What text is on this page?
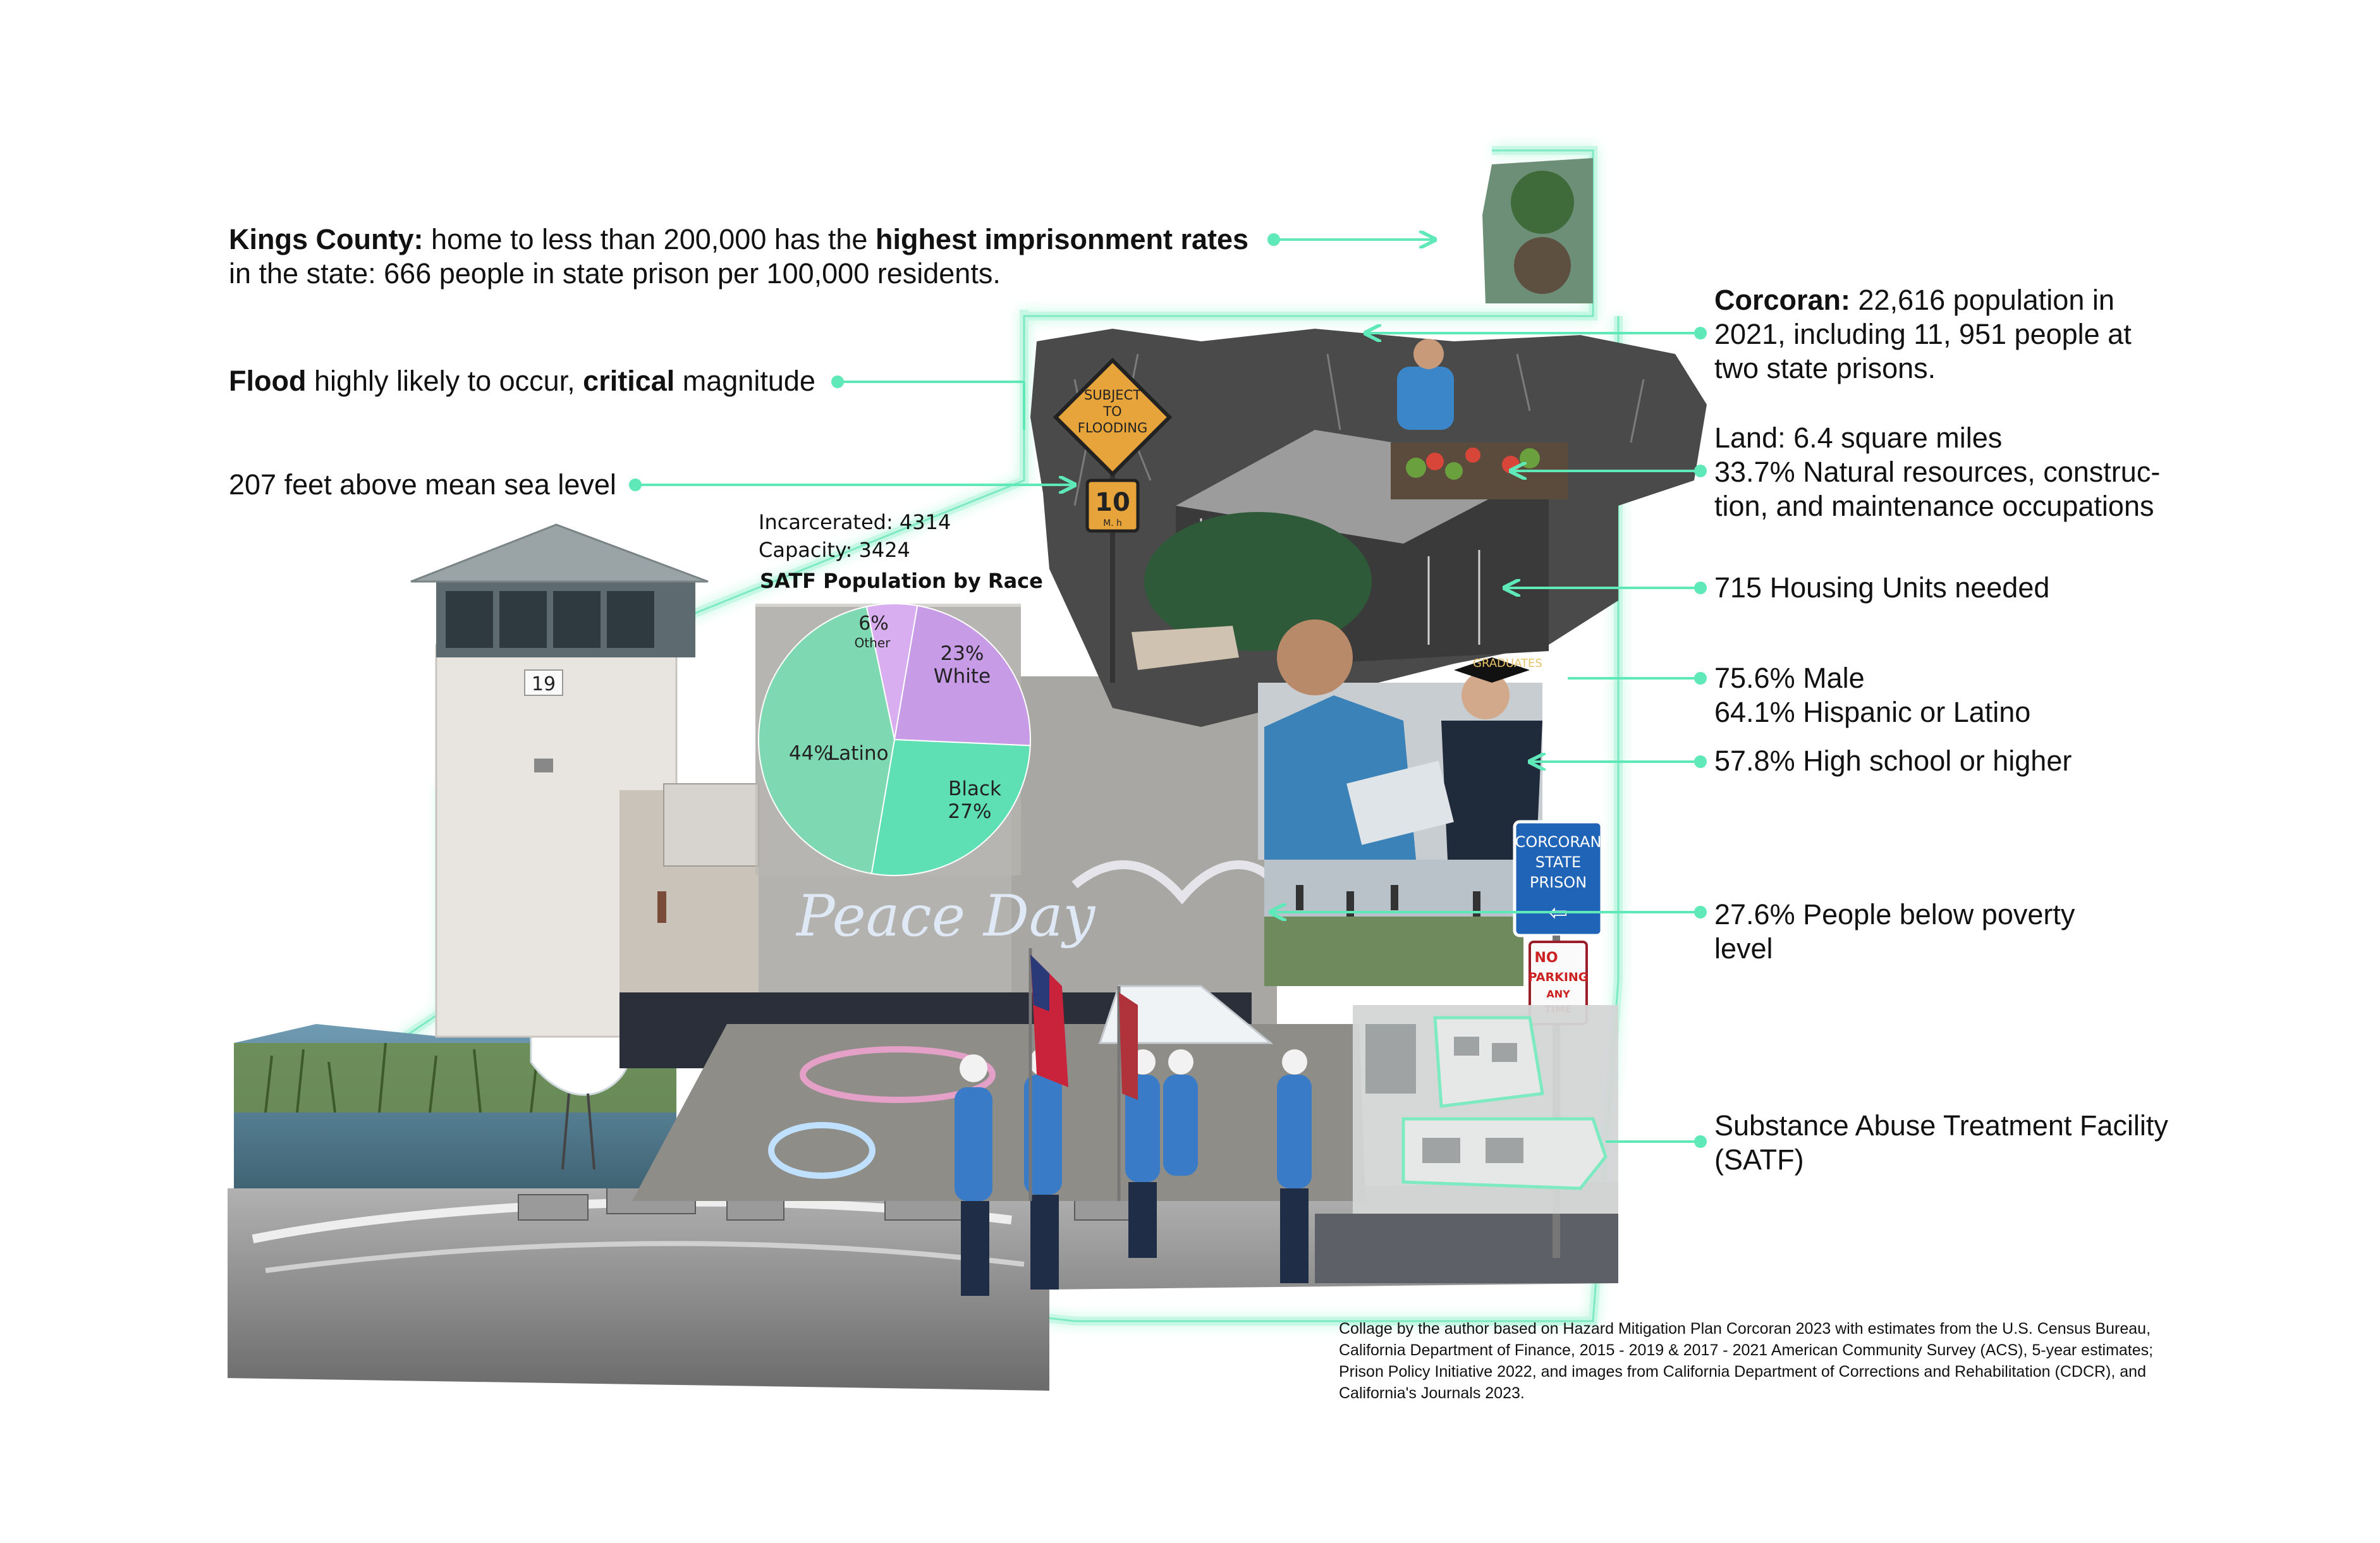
19
Peace Day
SUBJECT
TO
FLOODING
10
M. h
GRADUATES
CORCORAN
STATE
PRISON
⇦
NO
PARKING
ANY
6%
Other	23%
White
Black
27%
44%
Latino
Incarcerated: 4314
Capacity: 3424
SATF Population by Race
Kings County: home to less than 200,000 has the highest imprisonment rates
in the state: 666 people in state prison per 100,000 residents.
Flood highly likely to occur, critical magnitude
207 feet above mean sea level
Corcoran: 22,616 population in
2021, including 11, 951 people at
two state prisons.
Land: 6.4 square miles
33.7% Natural resources, construc-
tion, and maintenance occupations
715 Housing Units needed
75.6% Male
64.1% Hispanic or Latino
57.8% High school or higher
27.6% People below poverty
level
Substance Abuse Treatment Facility
(SATF)
Collage by the author based on Hazard Mitigation Plan Corcoran 2023 with estimates from the U.S. Census Bureau,
California Department of Finance, 2015 - 2019 & 2017 - 2021 American Community Survey (ACS), 5-year estimates;
Prison Policy Initiative 2022, and images from California Department of Corrections and Rehabilitation (CDCR), and
California's Journals 2023.
